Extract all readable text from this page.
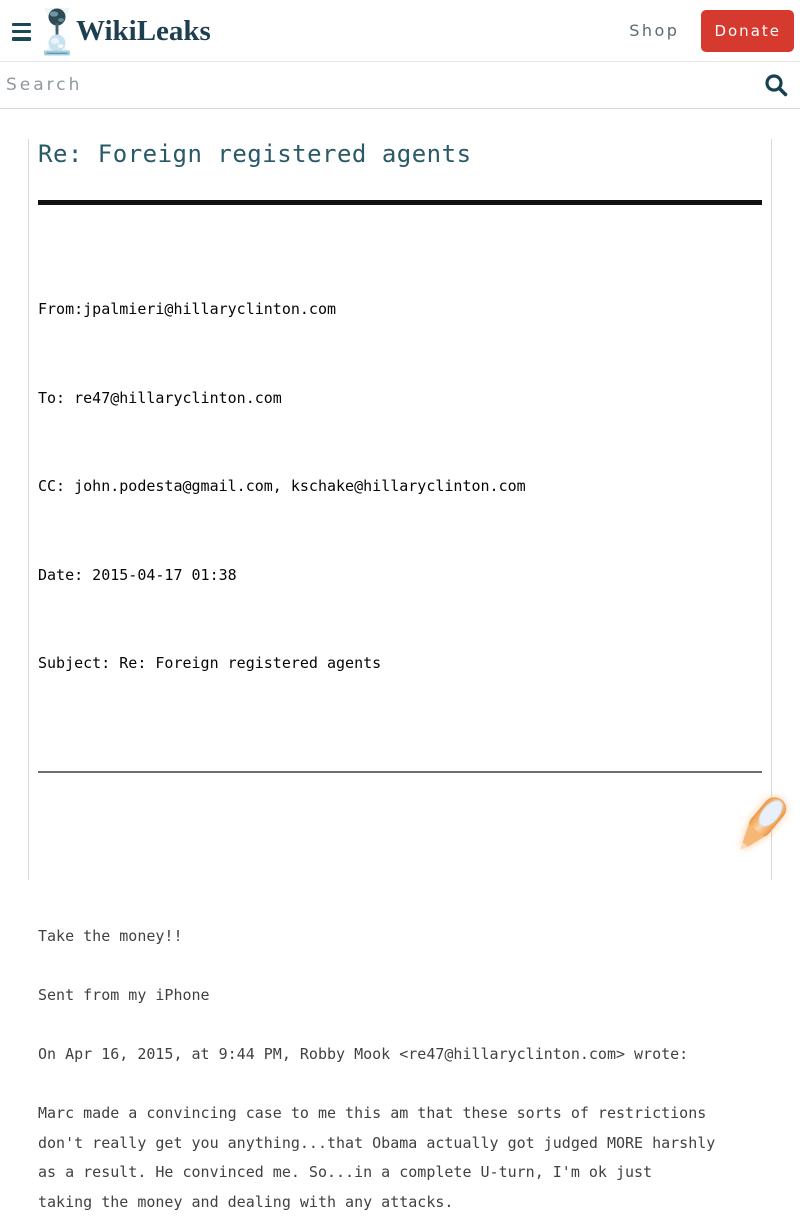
WikiLeaks	Shop	Donate
Search
Re: Foreign registered agents

From:jpalmieri@hillaryclinton.com

To: re47@hillaryclinton.com

CC: john.podesta@gmail.com, kschake@hillaryclinton.com

Date: 2015-04-17 01:38

Subject: Re: Foreign registered agents

Take the money!!

Sent from my iPhone

On Apr 16, 2015, at 9:44 PM, Robby Mook <re47@hillaryclinton.com> wrote:

Marc made a convincing case to me this am that these sorts of restrictions
don't really get you anything...that Obama actually got judged MORE harshly
as a result. He convinced me. So...in a complete U-turn, I'm ok just
taking the money and dealing with any attacks.
